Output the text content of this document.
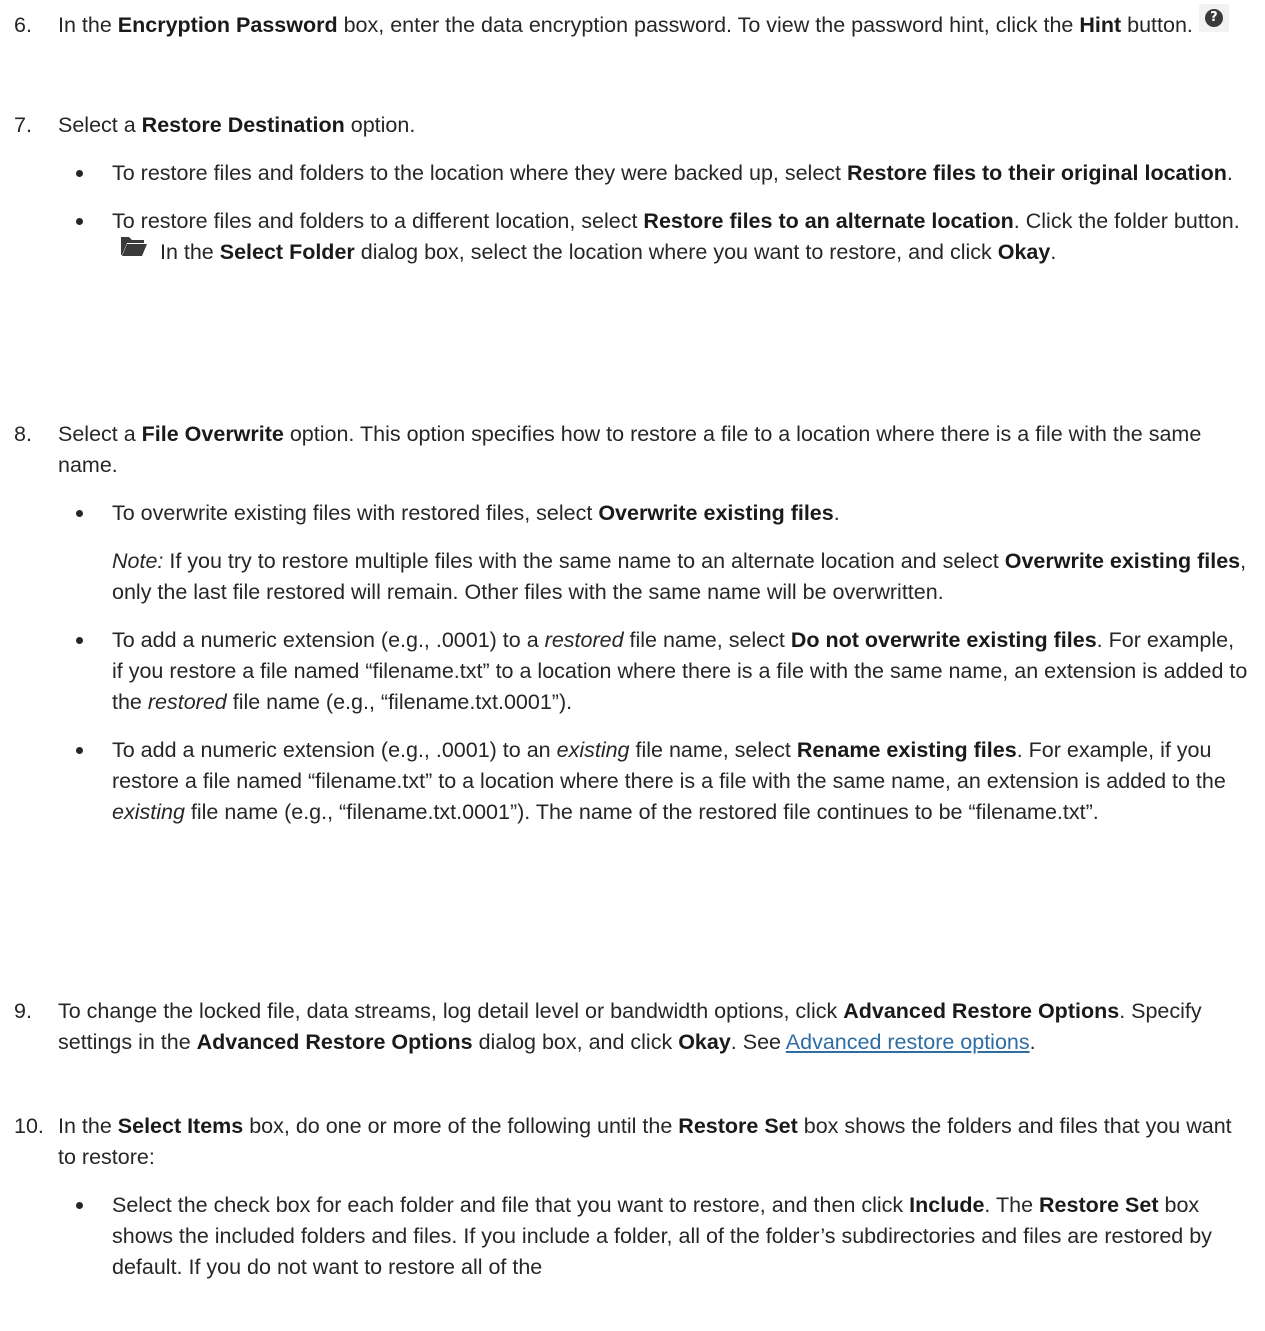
6. In the Encryption Password box, enter the data encryption password. To view the password hint, click the Hint button.	?
7. Select a Restore Destination option.
To restore files and folders to the location where they were backed up, select Restore files to their original location.
To restore files and folders to a different location, select Restore files to an alternate location. Click the folder button.  In the Select Folder dialog box, select the location where you want to restore, and click Okay.
8. Select a File Overwrite option. This option specifies how to restore a file to a location where there is a file with the same name.
To overwrite existing files with restored files, select Overwrite existing files.
Note: If you try to restore multiple files with the same name to an alternate location and select Overwrite existing files, only the last file restored will remain. Other files with the same name will be overwritten.
To add a numeric extension (e.g., .0001) to a restored file name, select Do not overwrite existing files. For example, if you restore a file named “filename.txt” to a location where there is a file with the same name, an extension is added to the restored file name (e.g., “filename.txt.0001”).
To add a numeric extension (e.g., .0001) to an existing file name, select Rename existing files. For example, if you restore a file named “filename.txt” to a location where there is a file with the same name, an extension is added to the existing file name (e.g., “filename.txt.0001”). The name of the restored file continues to be “filename.txt”.
9. To change the locked file, data streams, log detail level or bandwidth options, click Advanced Restore Options. Specify settings in the Advanced Restore Options dialog box, and click Okay. See Advanced restore options.
10. In the Select Items box, do one or more of the following until the Restore Set box shows the folders and files that you want to restore:
Select the check box for each folder and file that you want to restore, and then click Include. The Restore Set box shows the included folders and files. If you include a folder, all of the folder’s subdirectories and files are restored by default. If you do not want to restore all of the
